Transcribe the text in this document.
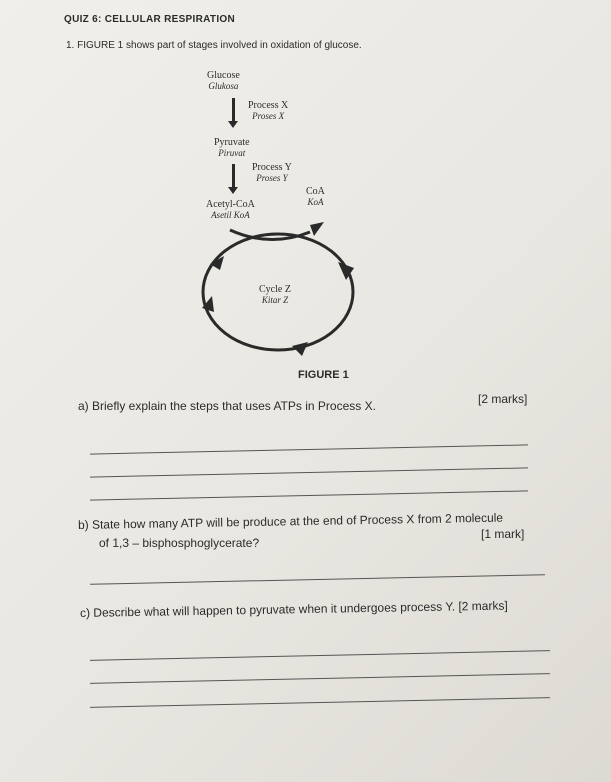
QUIZ 6: CELLULAR RESPIRATION
1. FIGURE 1 shows part of stages involved in oxidation of glucose.
Glucose
Glukosa
Process X
Proses X
Pyruvate
Piruvat
Process Y
Proses Y
Acetyl-CoA
Asetil KoA
CoA
KoA
Cycle Z
Kitar Z
FIGURE 1
a) Briefly explain the steps that uses ATPs in Process X.	[2 marks]
b) State how many ATP will be produce at the end of Process X from 2 molecule
of 1,3 – bisphosphoglycerate?
[1 mark]
c) Describe what will happen to pyruvate when it undergoes process Y. [2 marks]
